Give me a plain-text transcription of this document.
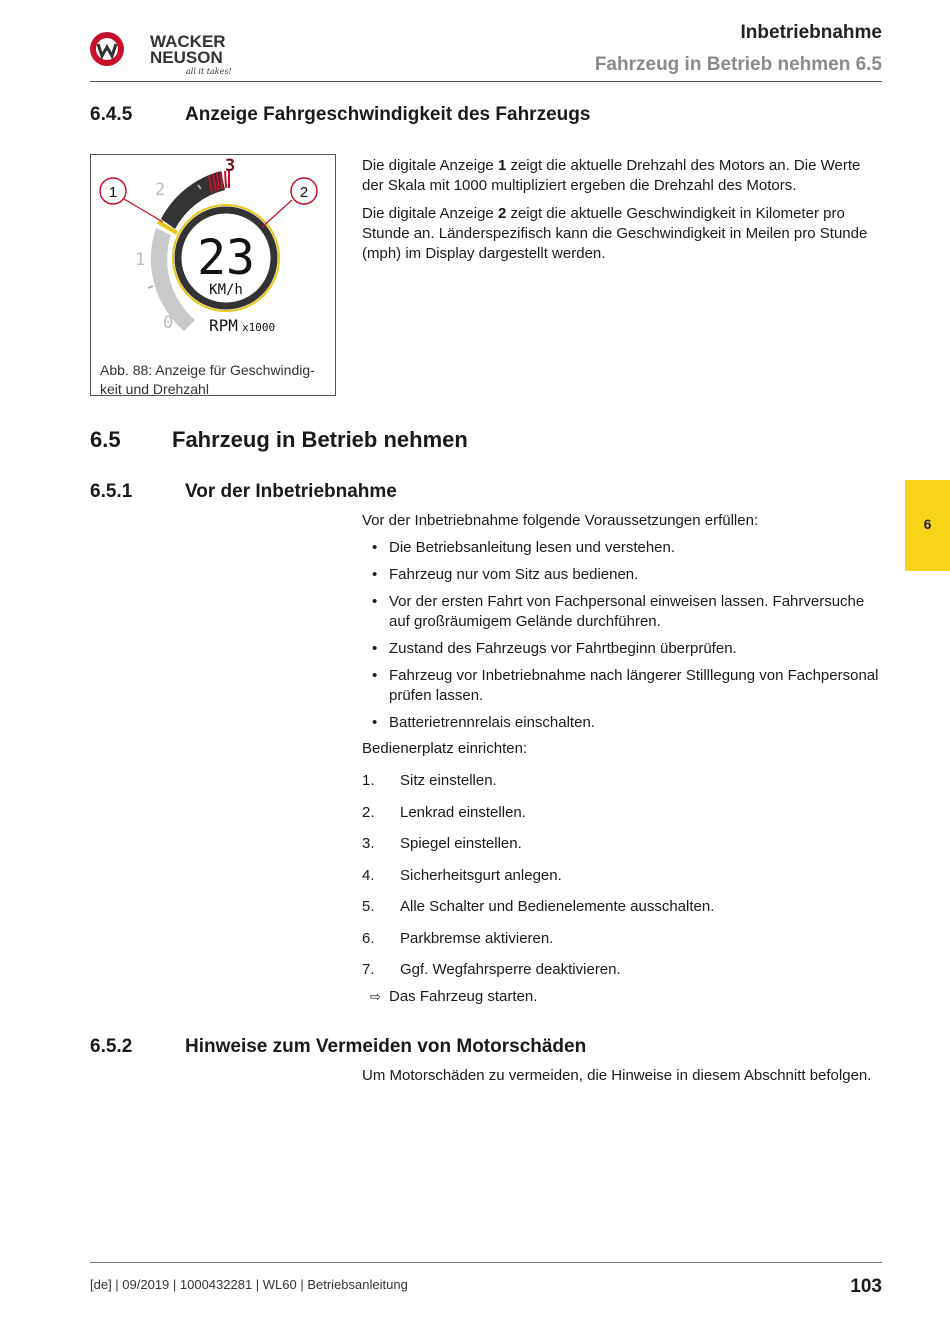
WACKER
NEUSON
all it takes!
Inbetriebnahme
Fahrzeug in Betrieb nehmen 6.5
6.4.5	Anzeige Fahrgeschwindigkeit des Fahrzeugs
0
1
2
3
23
KM/h
RPM x1000
1	2
Abb. 88: Anzeige für Geschwindig-keit und Drehzahl
Die digitale Anzeige 1 zeigt die aktuelle Drehzahl des Motors an. Die Werte der Skala mit 1000 multipliziert ergeben die Drehzahl des Motors.
Die digitale Anzeige 2 zeigt die aktuelle Geschwindigkeit in Kilometer pro Stunde an. Länderspezifisch kann die Geschwindigkeit in Meilen pro Stunde (mph) im Display dargestellt werden.
6.5 Fahrzeug in Betrieb nehmen
6.5.1	Vor der Inbetriebnahme
Vor der Inbetriebnahme folgende Voraussetzungen erfüllen:
• Die Betriebsanleitung lesen und verstehen.
• Fahrzeug nur vom Sitz aus bedienen.
• Vor der ersten Fahrt von Fachpersonal einweisen lassen. Fahrversuche auf großräumigem Gelände durchführen.
• Zustand des Fahrzeugs vor Fahrtbeginn überprüfen.
• Fahrzeug vor Inbetriebnahme nach längerer Stilllegung von Fachpersonal prüfen lassen.
• Batterietrennrelais einschalten.
Bedienerplatz einrichten:
1. Sitz einstellen.
2. Lenkrad einstellen.
3. Spiegel einstellen.
4. Sicherheitsgurt anlegen.
5. Alle Schalter und Bedienelemente ausschalten.
6. Parkbremse aktivieren.
7. Ggf. Wegfahrsperre deaktivieren.
⇨ Das Fahrzeug starten.
6.5.2	Hinweise zum Vermeiden von Motorschäden
Um Motorschäden zu vermeiden, die Hinweise in diesem Abschnitt befolgen.
6
[de] | 09/2019 | 1000432281 | WL60 | Betriebsanleitung	103
